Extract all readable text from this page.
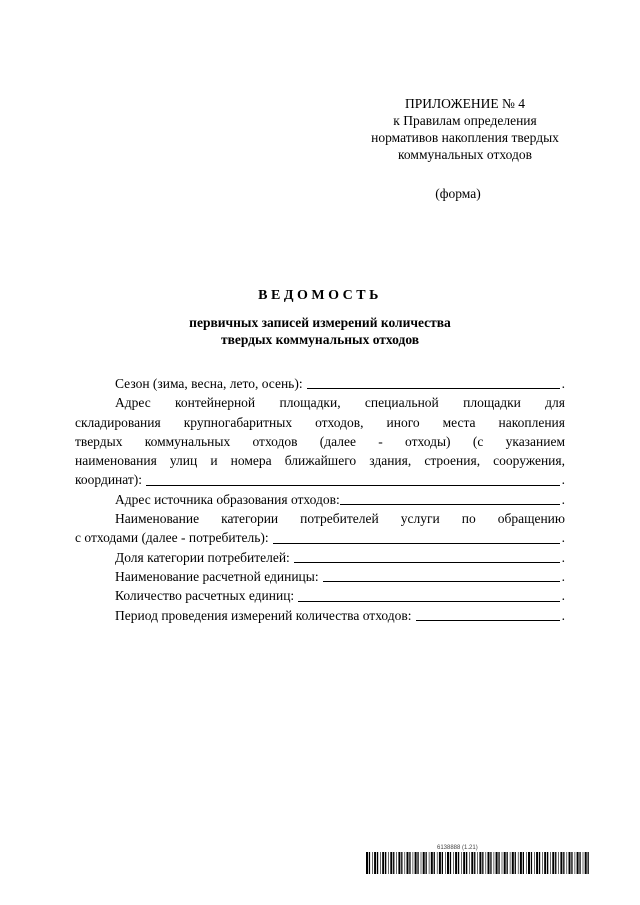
ПРИЛОЖЕНИЕ № 4
к Правилам определения
нормативов накопления твердых
коммунальных отходов
(форма)
ВЕДОМОСТЬ
первичных записей измерений количества
твердых коммунальных отходов
Сезон (зима, весна, лето, осень):	.
Адрес контейнерной площадки, специальной площадки для
складирования крупногабаритных отходов, иного места накопления
твердых коммунальных отходов (далее - отходы) (с указанием
наименования улиц и номера ближайшего здания, строения, сооружения,
координат):	.
Адрес источника образования отходов:	.
Наименование категории потребителей услуги по обращению
с отходами (далее - потребитель):	.
Доля категории потребителей:	.
Наименование расчетной единицы:	.
Количество расчетных единиц:	.
Период проведения измерений количества отходов:	.
6138888 (1.21)
